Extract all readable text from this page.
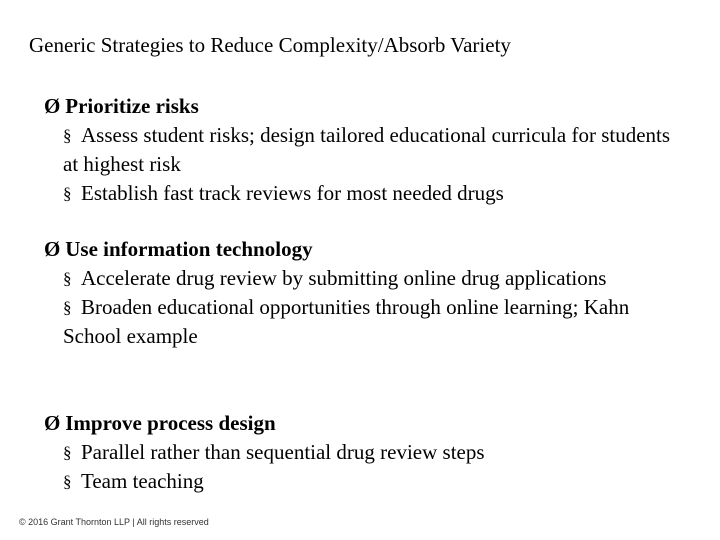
Generic Strategies to Reduce Complexity/Absorb Variety
Ø Prioritize risks
§ Assess student risks; design tailored educational curricula for students at highest risk
§ Establish fast track reviews for most needed drugs
Ø Use information technology
§ Accelerate drug review by submitting online drug applications
§ Broaden educational opportunities through online learning; Kahn School example
Ø Improve process design
§ Parallel rather than sequential drug review steps
§ Team teaching
© 2016 Grant Thornton LLP | All rights reserved
